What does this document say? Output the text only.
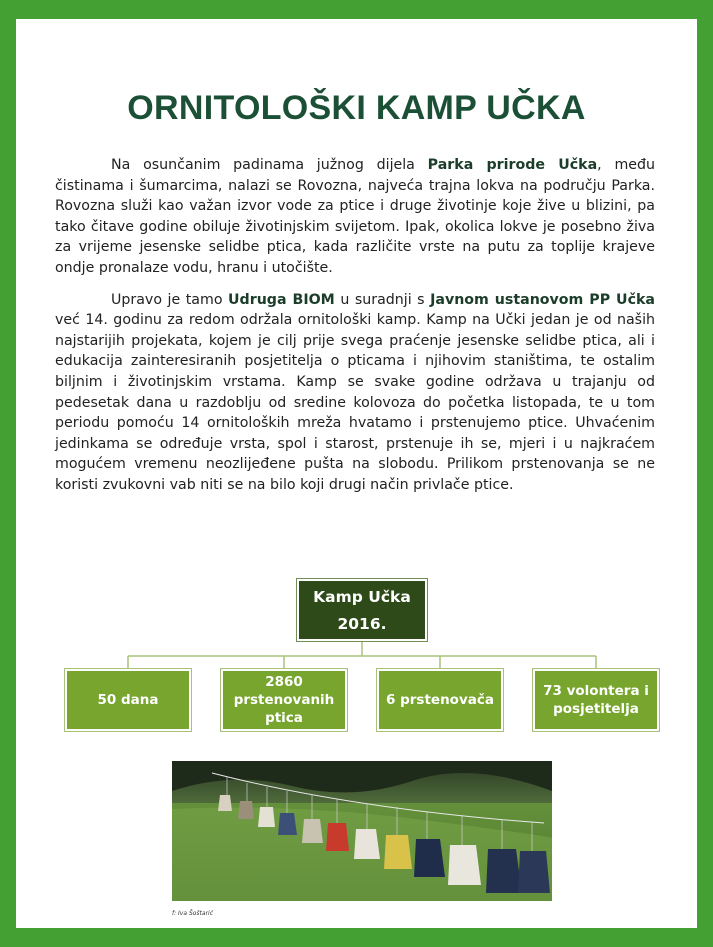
ORNITOLOŠKI KAMP UČKA

Na osunčanim padinama južnog dijela Parka prirode Učka, među čistinama i šumarcima, nalazi se Rovozna, najveća trajna lokva na području Parka. Rovozna služi kao važan izvor vode za ptice i druge životinje koje žive u blizini, pa tako čitave godine obiluje životinjskim svijetom. Ipak, okolica lokve je posebno živa za vrijeme jesenske selidbe ptica, kada različite vrste na putu za toplije krajeve ondje pronalaze vodu, hranu i utočište.

Upravo je tamo Udruga BIOM u suradnji s Javnom ustanovom PP Učka već 14. godinu za redom održala ornitološki kamp. Kamp na Učki jedan je od naših najstarijih projekata, kojem je cilj prije svega praćenje jesenske selidbe ptica, ali i edukacija zainteresiranih posjetitelja o pticama i njihovim staništima, te ostalim biljnim i životinjskim vrstama. Kamp se svake godine održava u trajanju od pedesetak dana u razdoblju od sredine kolovoza do početka listopada, te u tom periodu pomoću 14 ornitoloških mreža hvatamo i prstenujemo ptice. Uhvaćenim jedinkama se određuje vrsta, spol i starost, prstenuje ih se, mjeri i u najkraćem mogućem vremenu neozlijeđene pušta na slobodu. Prilikom prstenovanja se ne koristi zvukovni vab niti se na bilo koji drugi način privlače ptice.

Kamp Učka
2016.
50 dana
2860 prstenovanih ptica
6 prstenovača
73 volontera i posjetitelja
f: Iva Šoštarić
